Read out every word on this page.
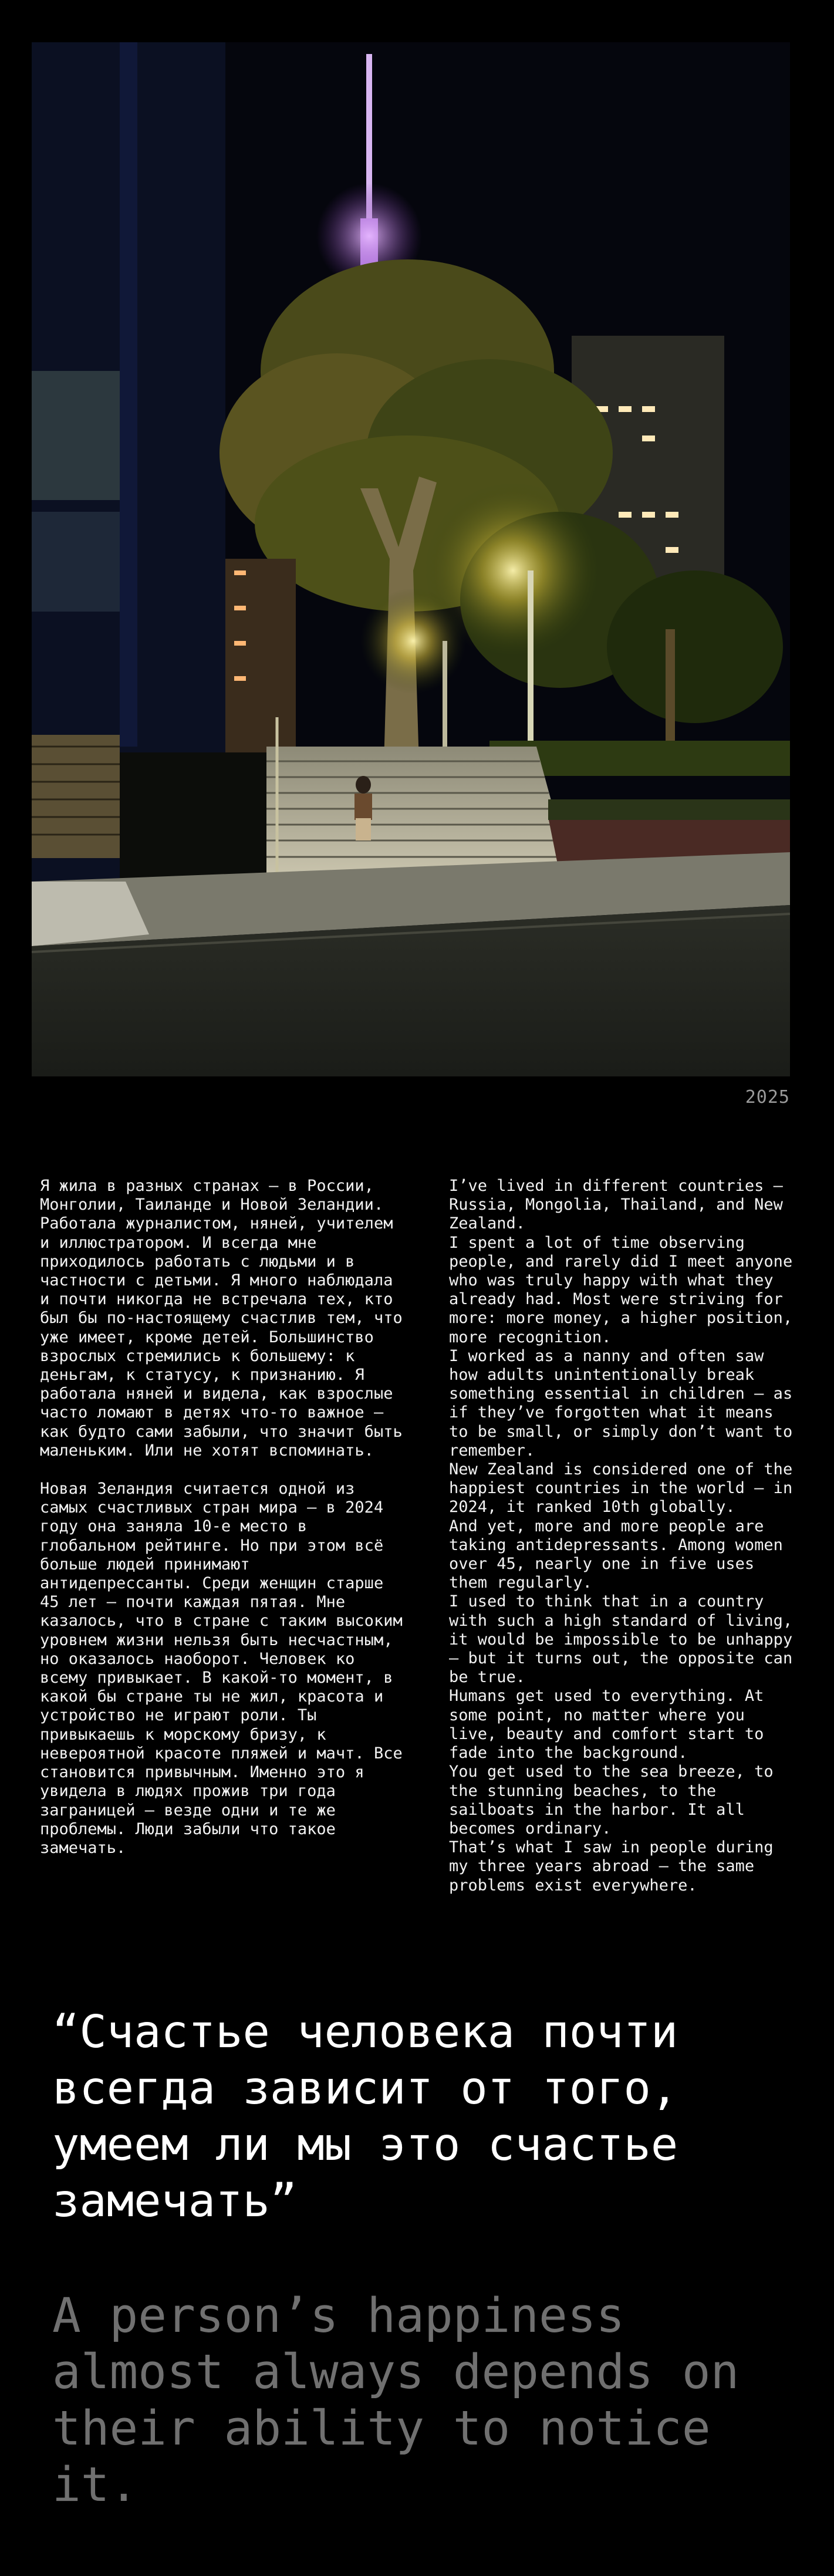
2025

Я жила в разных странах — в России, Монголии, Таиланде и Новой Зеландии. Работала журналистом, няней, учителем и иллюстратором. И всегда мне приходилось работать с людьми и в частности с детьми. Я много наблюдала и почти никогда не встречала тех, кто был бы по-настоящему счастлив тем, что уже имеет, кроме детей. Большинство взрослых стремились к большему: к деньгам, к статусу, к признанию. Я работала няней и видела, как взрослые часто ломают в детях что-то важное — как будто сами забыли, что значит быть маленьким. Или не хотят вспоминать.

Новая Зеландия считается одной из самых счастливых стран мира — в 2024 году она заняла 10-е место в глобальном рейтинге. Но при этом всё больше людей принимают антидепрессанты. Среди женщин старше 45 лет — почти каждая пятая. Мне казалось, что в стране с таким высоким уровнем жизни нельзя быть несчастным, но оказалось наоборот. Человек ко всему привыкает. В какой-то момент, в какой бы стране ты не жил, красота и устройство не играют роли. Ты привыкаешь к морскому бризу, к невероятной красоте пляжей и мачт. Все становится привычным. Именно это я увидела в людях прожив три года заграницей — везде одни и те же проблемы. Люди забыли что такое замечать.

I’ve lived in different countries — Russia, Mongolia, Thailand, and New Zealand.

I spent a lot of time observing people, and rarely did I meet anyone who was truly happy with what they already had. Most were striving for more: more money, a higher position, more recognition.

I worked as a nanny and often saw how adults unintentionally break something essential in children — as if they’ve forgotten what it means to be small, or simply don’t want to remember.

New Zealand is considered one of the happiest countries in the world — in 2024, it ranked 10th globally.

And yet, more and more people are taking antidepressants. Among women over 45, nearly one in five uses them regularly.

I used to think that in a country with such a high standard of living, it would be impossible to be unhappy — but it turns out, the opposite can be true.

Humans get used to everything. At some point, no matter where you live, beauty and comfort start to fade into the background.

You get used to the sea breeze, to the stunning beaches, to the sailboats in the harbor. It all becomes ordinary.

That’s what I saw in people during my three years abroad — the same problems exist everywhere.

“Счастье человека почти всегда зависит от того, умеем ли мы это счастье замечать”
A person’s happiness almost always depends on their ability to notice it.
